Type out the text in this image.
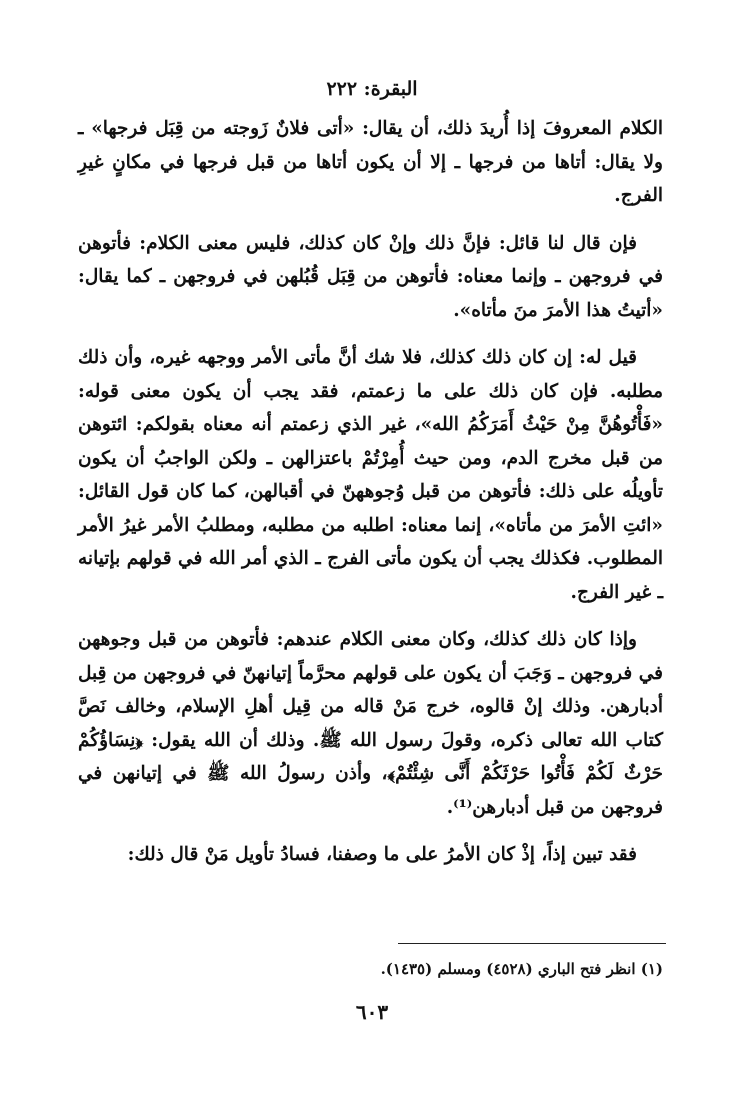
البقرة: ٢٢٢

الكلام المعروفَ إذا أُريدَ ذلك، أن يقال: «أتى فلانٌ زَوجته من قِبَل فرجها» ـ ولا يقال: أتاها من فرجها ـ إلا أن يكون أتاها من قبل فرجها في مكانٍ غيرِ الفرج.

فإن قال لنا قائل: فإنَّ ذلك وإنْ كان كذلك، فليس معنى الكلام: فأتوهن في فروجهن ـ وإنما معناه: فأتوهن من قِبَل قُبُلهن في فروجهن ـ كما يقال: «أتيتُ هذا الأمرَ منَ مأتاه».

قيل له: إن كان ذلك كذلك، فلا شك أنَّ مأتى الأمر ووجهه غيره، وأن ذلك مطلبه. فإن كان ذلك على ما زعمتم، فقد يجب أن يكون معنى قوله: «فَأْتُوهُنَّ مِنْ حَيْثُ أَمَرَكُمُ الله»، غير الذي زعمتم أنه معناه بقولكم: ائتوهن من قبل مخرج الدم، ومن حيث أُمِرْتُمْ باعتزالهن ـ ولكن الواجبُ أن يكون تأويلُه على ذلك: فأتوهن من قبل وُجوههنّ في أقبالهن، كما كان قول القائل: «ائتِ الأمرَ من مأتاه»، إنما معناه: اطلبه من مطلبه، ومطلبُ الأمر غيرُ الأمر المطلوب. فكذلك يجب أن يكون مأتى الفرج ـ الذي أمر الله في قولهم بإتيانه ـ غير الفرج.

وإذا كان ذلك كذلك، وكان معنى الكلام عندهم: فأتوهن من قبل وجوههن في فروجهن ـ وَجَبَ أن يكون على قولهم محرَّماً إتيانهنّ في فروجهن من قِبل أدبارهن. وذلك إنْ قالوه، خرج مَنْ قاله من قِيل أهلِ الإسلام، وخالف نَصَّ كتاب الله تعالى ذكره، وقولَ رسول الله ﷺ. وذلك أن الله يقول: ﴿نِسَاؤُكُمْ حَرْثٌ لَكُمْ فَأْتُوا حَرْثَكُمْ أَنَّى شِئْتُمْ﴾، وأذن رسولُ الله ﷺ في إتيانهن في فروجهن من قبل أدبارهن⁽¹⁾.

فقد تبين إذاً، إذْ كان الأمرُ على ما وصفنا، فسادُ تأويل مَنْ قال ذلك:

(١) انظر فتح الباري (٤٥٢٨) ومسلم (١٤٣٥).
٦٠٣
